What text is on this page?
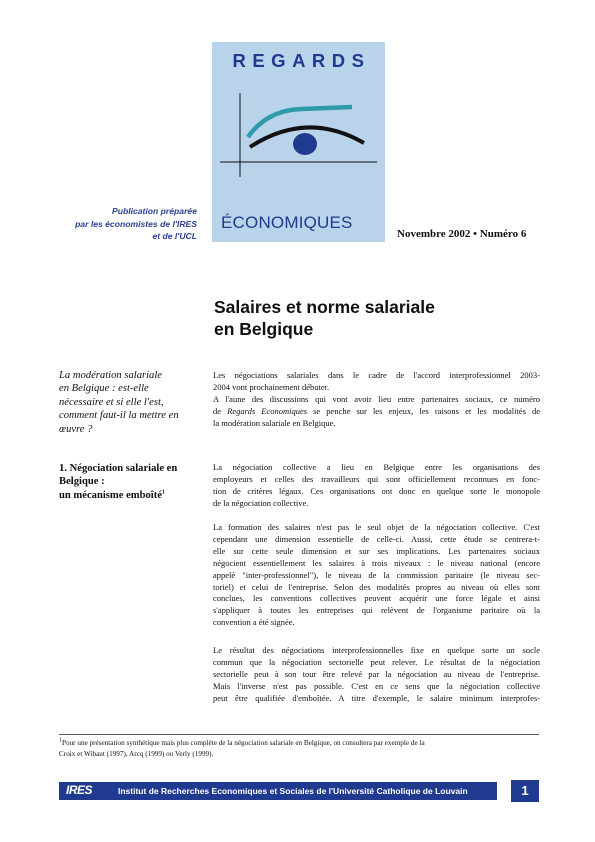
REGARDS
ÉCONOMIQUES
Novembre 2002 • Numéro 6
Publication préparée
par les économistes de l'IRES
et de l'UCL
Salaires et norme salariale
en Belgique
La modération salariale
en Belgique : est-elle
nécessaire et si elle l'est,
comment faut-il la mettre en
œuvre ?
1. Négociation salariale en
Belgique :
un mécanisme emboîté$^1$
Les négociations salariales dans le cadre de l'accord interprofessionnel 2003-
2004 vont prochainement débuter.
A l'aune des discussions qui vont avoir lieu entre partenaires sociaux, ce numéro
de Regards Economiques se penche sur les enjeux, les raisons et les modalités de
la modération salariale en Belgique.
La négociation collective a lieu en Belgique entre les organisations des
employeurs et celles des travailleurs qui sont officiellement reconnues en fonc-
tion de critères légaux. Ces organisations ont donc en quelque sorte le monopole
de la négociation collective.
La formation des salaires n'est pas le seul objet de la négociation collective. C'est
cependant une dimension essentielle de celle-ci. Aussi, cette étude se centrera-t-
elle sur cette seule dimension et sur ses implications. Les partenaires sociaux
négocient essentiellement les salaires à trois niveaux : le niveau national (encore
appelé "inter-professionnel"), le niveau de la commission paritaire (le niveau sec-
toriel) et celui de l'entreprise. Selon des modalités propres au niveau où elles sont
conclues, les conventions collectives peuvent acquérir une force légale et ainsi
s'appliquer à toutes les entreprises qui relèvent de l'organisme paritaire où la
convention a été signée.
Le résultat des négociations interprofessionnelles fixe en quelque sorte un socle
commun que la négociation sectorielle peut relever. Le résultat de la négociation
sectorielle peut à son tour être relevé par la négociation au niveau de l'entreprise.
Mais l'inverse n'est pas possible. C'est en ce sens que la négociation collective
peut être qualifiée d'emboîtée. A titre d'exemple, le salaire minimum interprofes-
$^1$Pour une présentation synthétique mais plus complète de la négociation salariale en Belgique, on consultera par exemple de la
Croix et Wibaut (1997), Arcq (1999) ou Verly (1999).
IRES	Institut de Recherches Economiques et Sociales de l'Université Catholique de Louvain	1
